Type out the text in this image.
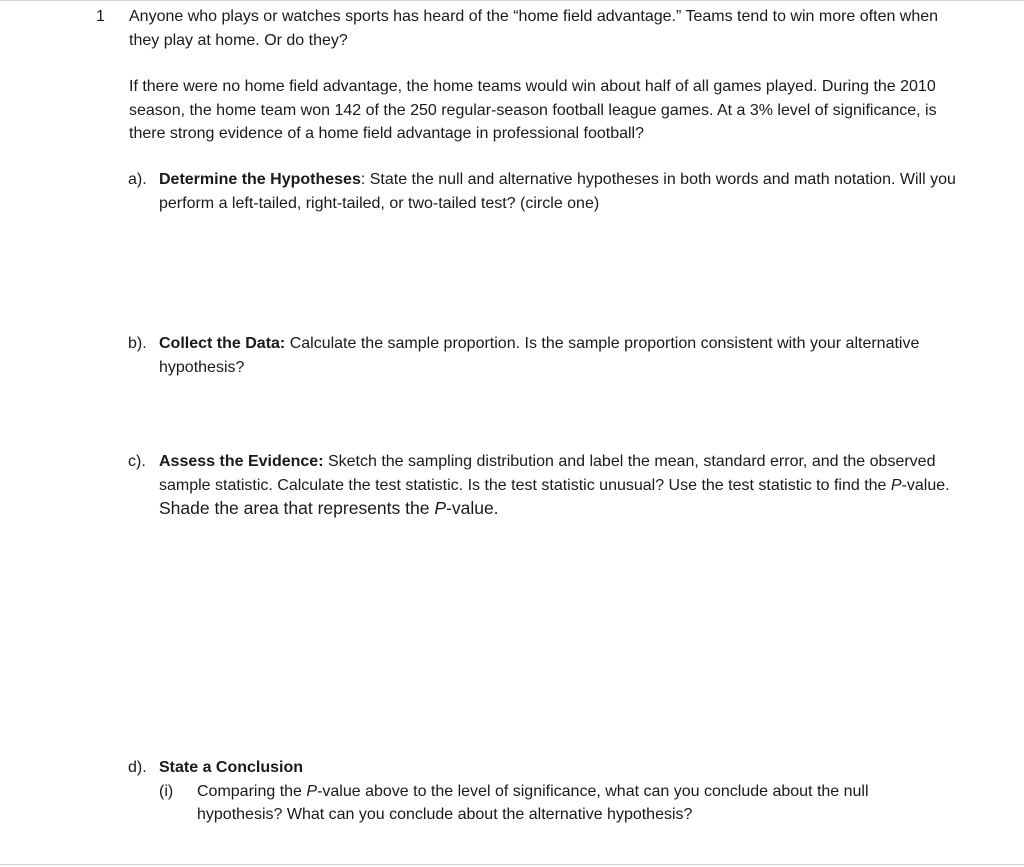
1 Anyone who plays or watches sports has heard of the “home field advantage.” Teams tend to win more often when they play at home. Or do they?

If there were no home field advantage, the home teams would win about half of all games played. During the 2010 season, the home team won 142 of the 250 regular-season football league games. At a 3% level of significance, is there strong evidence of a home field advantage in professional football?

a). Determine the Hypotheses: State the null and alternative hypotheses in both words and math notation. Will you perform a left-tailed, right-tailed, or two-tailed test? (circle one)
b). Collect the Data: Calculate the sample proportion. Is the sample proportion consistent with your alternative hypothesis?
c). Assess the Evidence: Sketch the sampling distribution and label the mean, standard error, and the observed sample statistic. Calculate the test statistic. Is the test statistic unusual? Use the test statistic to find the P-value. Shade the area that represents the P-value.
d). State a Conclusion
(i) Comparing the P-value above to the level of significance, what can you conclude about the null hypothesis? What can you conclude about the alternative hypothesis?
